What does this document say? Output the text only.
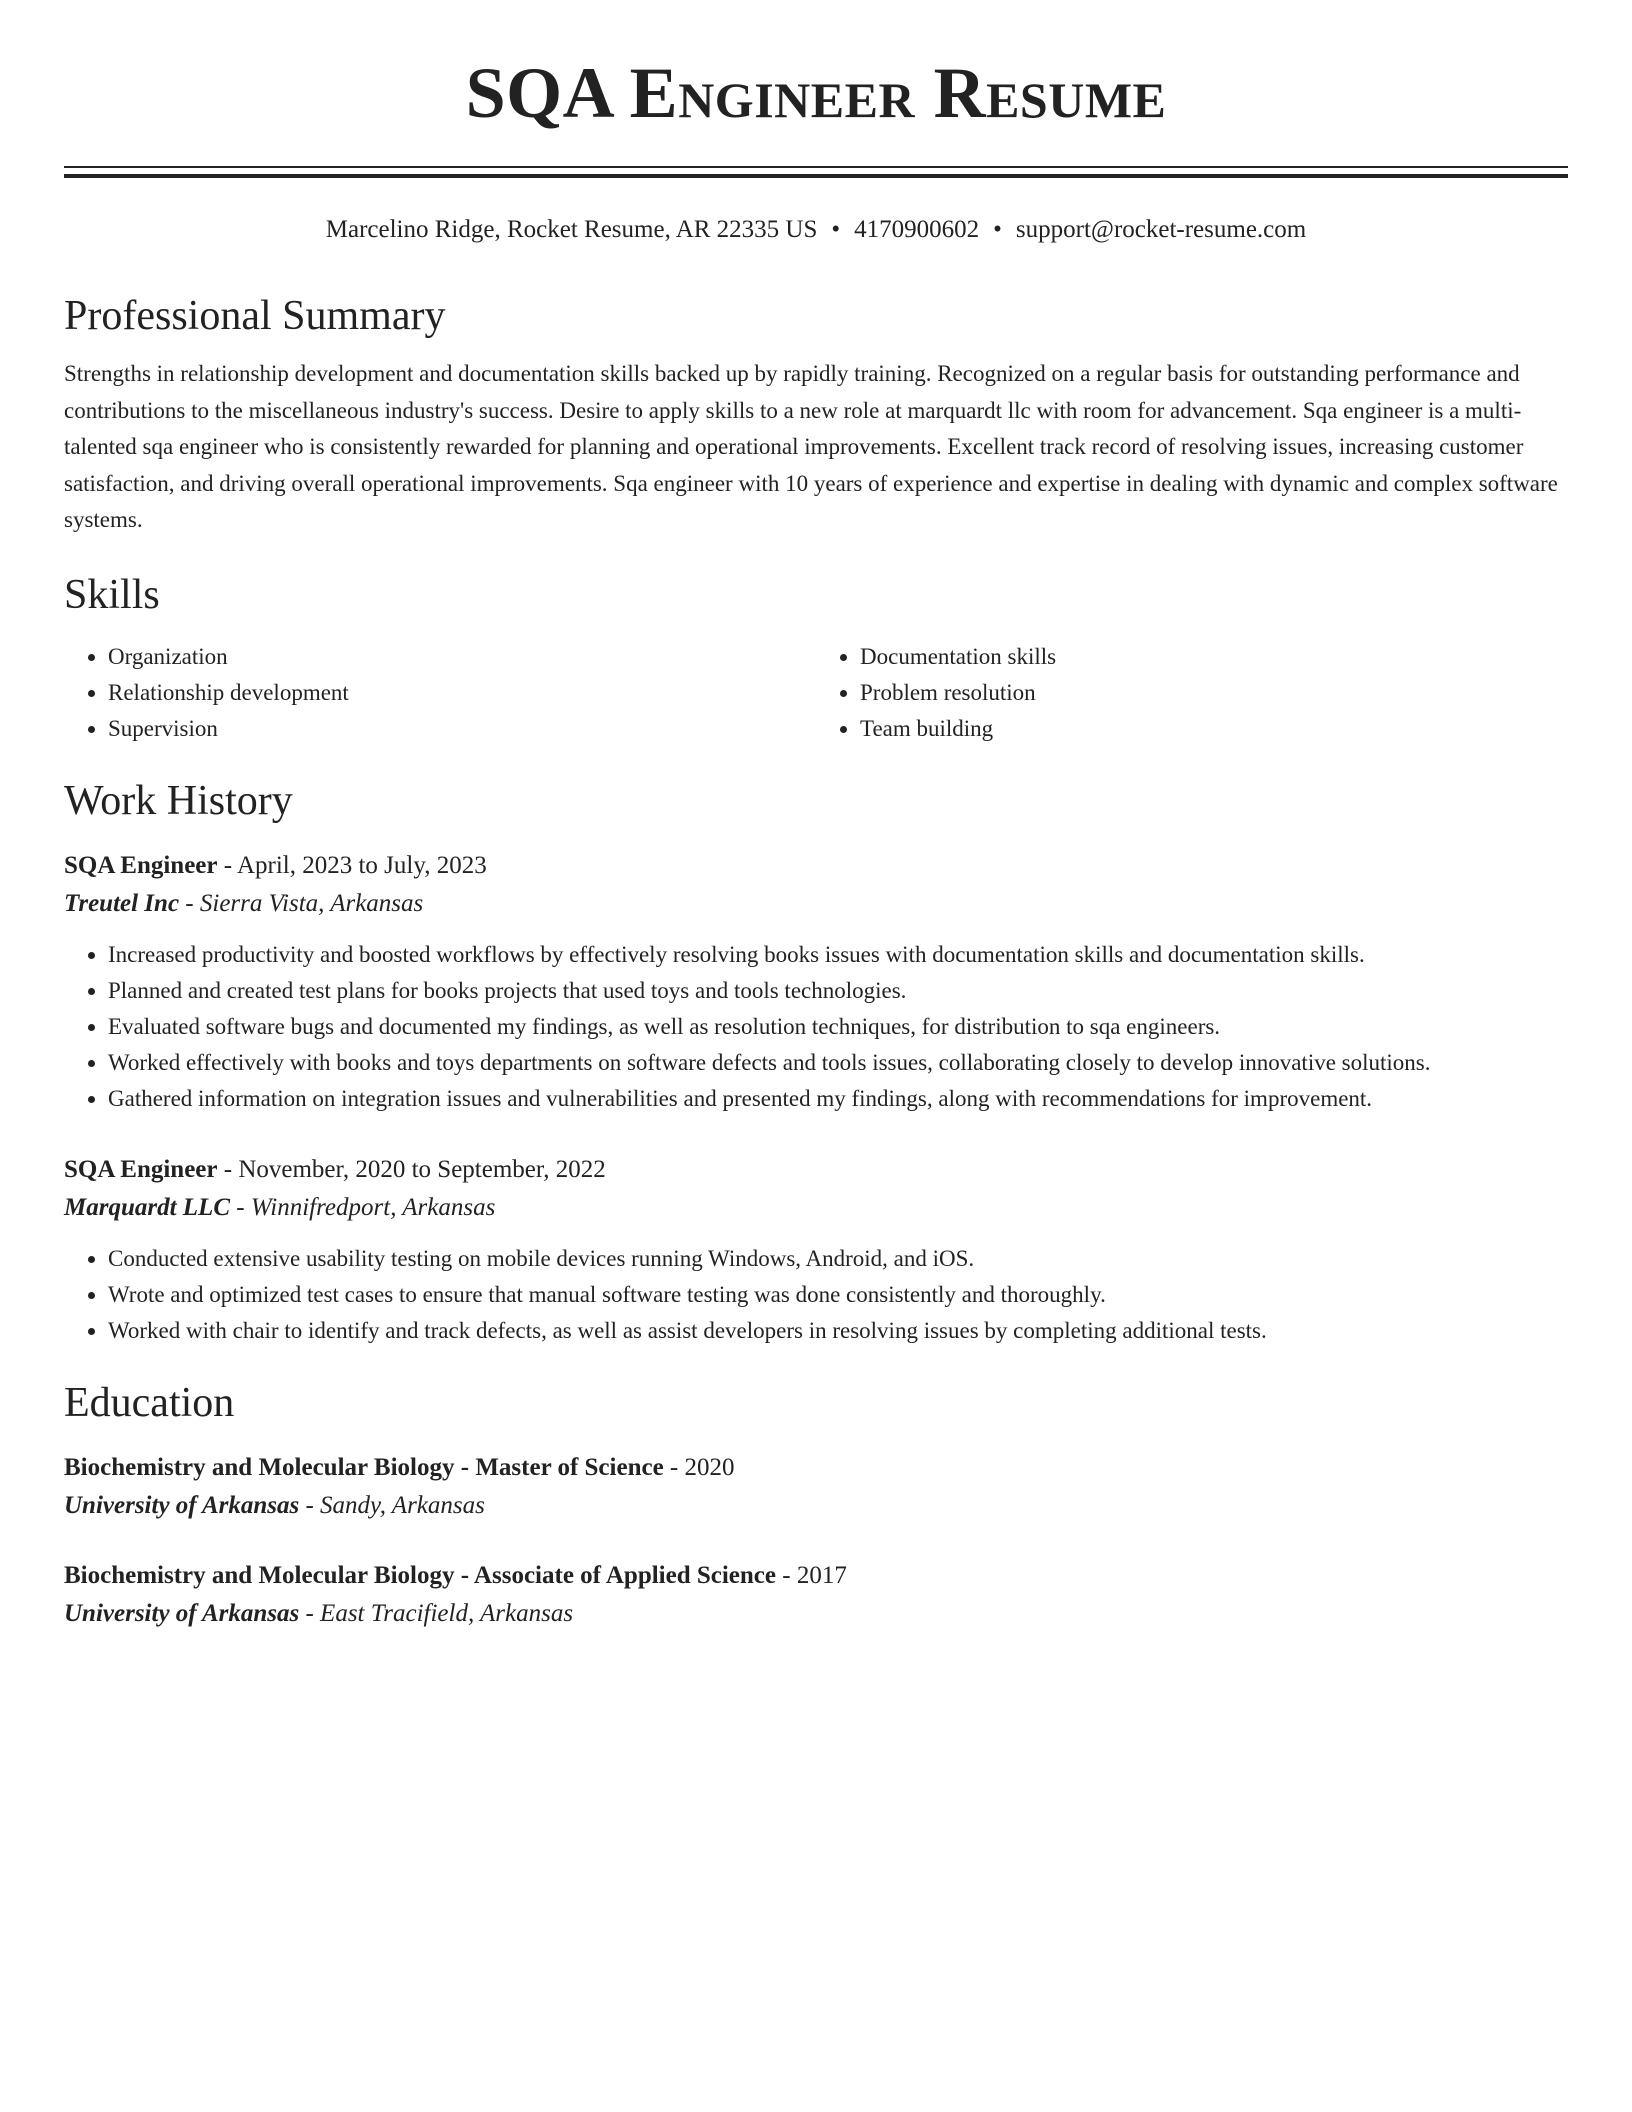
SQA Engineer Resume
Marcelino Ridge, Rocket Resume, AR 22335 US • 4170900602 • support@rocket-resume.com
Professional Summary

Strengths in relationship development and documentation skills backed up by rapidly training. Recognized on a regular basis for outstanding performance and contributions to the miscellaneous industry's success. Desire to apply skills to a new role at marquardt llc with room for advancement. Sqa engineer is a multi-talented sqa engineer who is consistently rewarded for planning and operational improvements. Excellent track record of resolving issues, increasing customer satisfaction, and driving overall operational improvements. Sqa engineer with 10 years of experience and expertise in dealing with dynamic and complex software systems.

Skills
• Organization
• Relationship development
• Supervision
• Documentation skills
• Problem resolution
• Team building
Work History
SQA Engineer - April, 2023 to July, 2023
Treutel Inc - Sierra Vista, Arkansas
• Increased productivity and boosted workflows by effectively resolving books issues with documentation skills and documentation skills.
• Planned and created test plans for books projects that used toys and tools technologies.
• Evaluated software bugs and documented my findings, as well as resolution techniques, for distribution to sqa engineers.
• Worked effectively with books and toys departments on software defects and tools issues, collaborating closely to develop innovative solutions.
• Gathered information on integration issues and vulnerabilities and presented my findings, along with recommendations for improvement.
SQA Engineer - November, 2020 to September, 2022
Marquardt LLC - Winnifredport, Arkansas
• Conducted extensive usability testing on mobile devices running Windows, Android, and iOS.
• Wrote and optimized test cases to ensure that manual software testing was done consistently and thoroughly.
• Worked with chair to identify and track defects, as well as assist developers in resolving issues by completing additional tests.
Education
Biochemistry and Molecular Biology - Master of Science - 2020
University of Arkansas - Sandy, Arkansas
Biochemistry and Molecular Biology - Associate of Applied Science - 2017
University of Arkansas - East Tracifield, Arkansas
